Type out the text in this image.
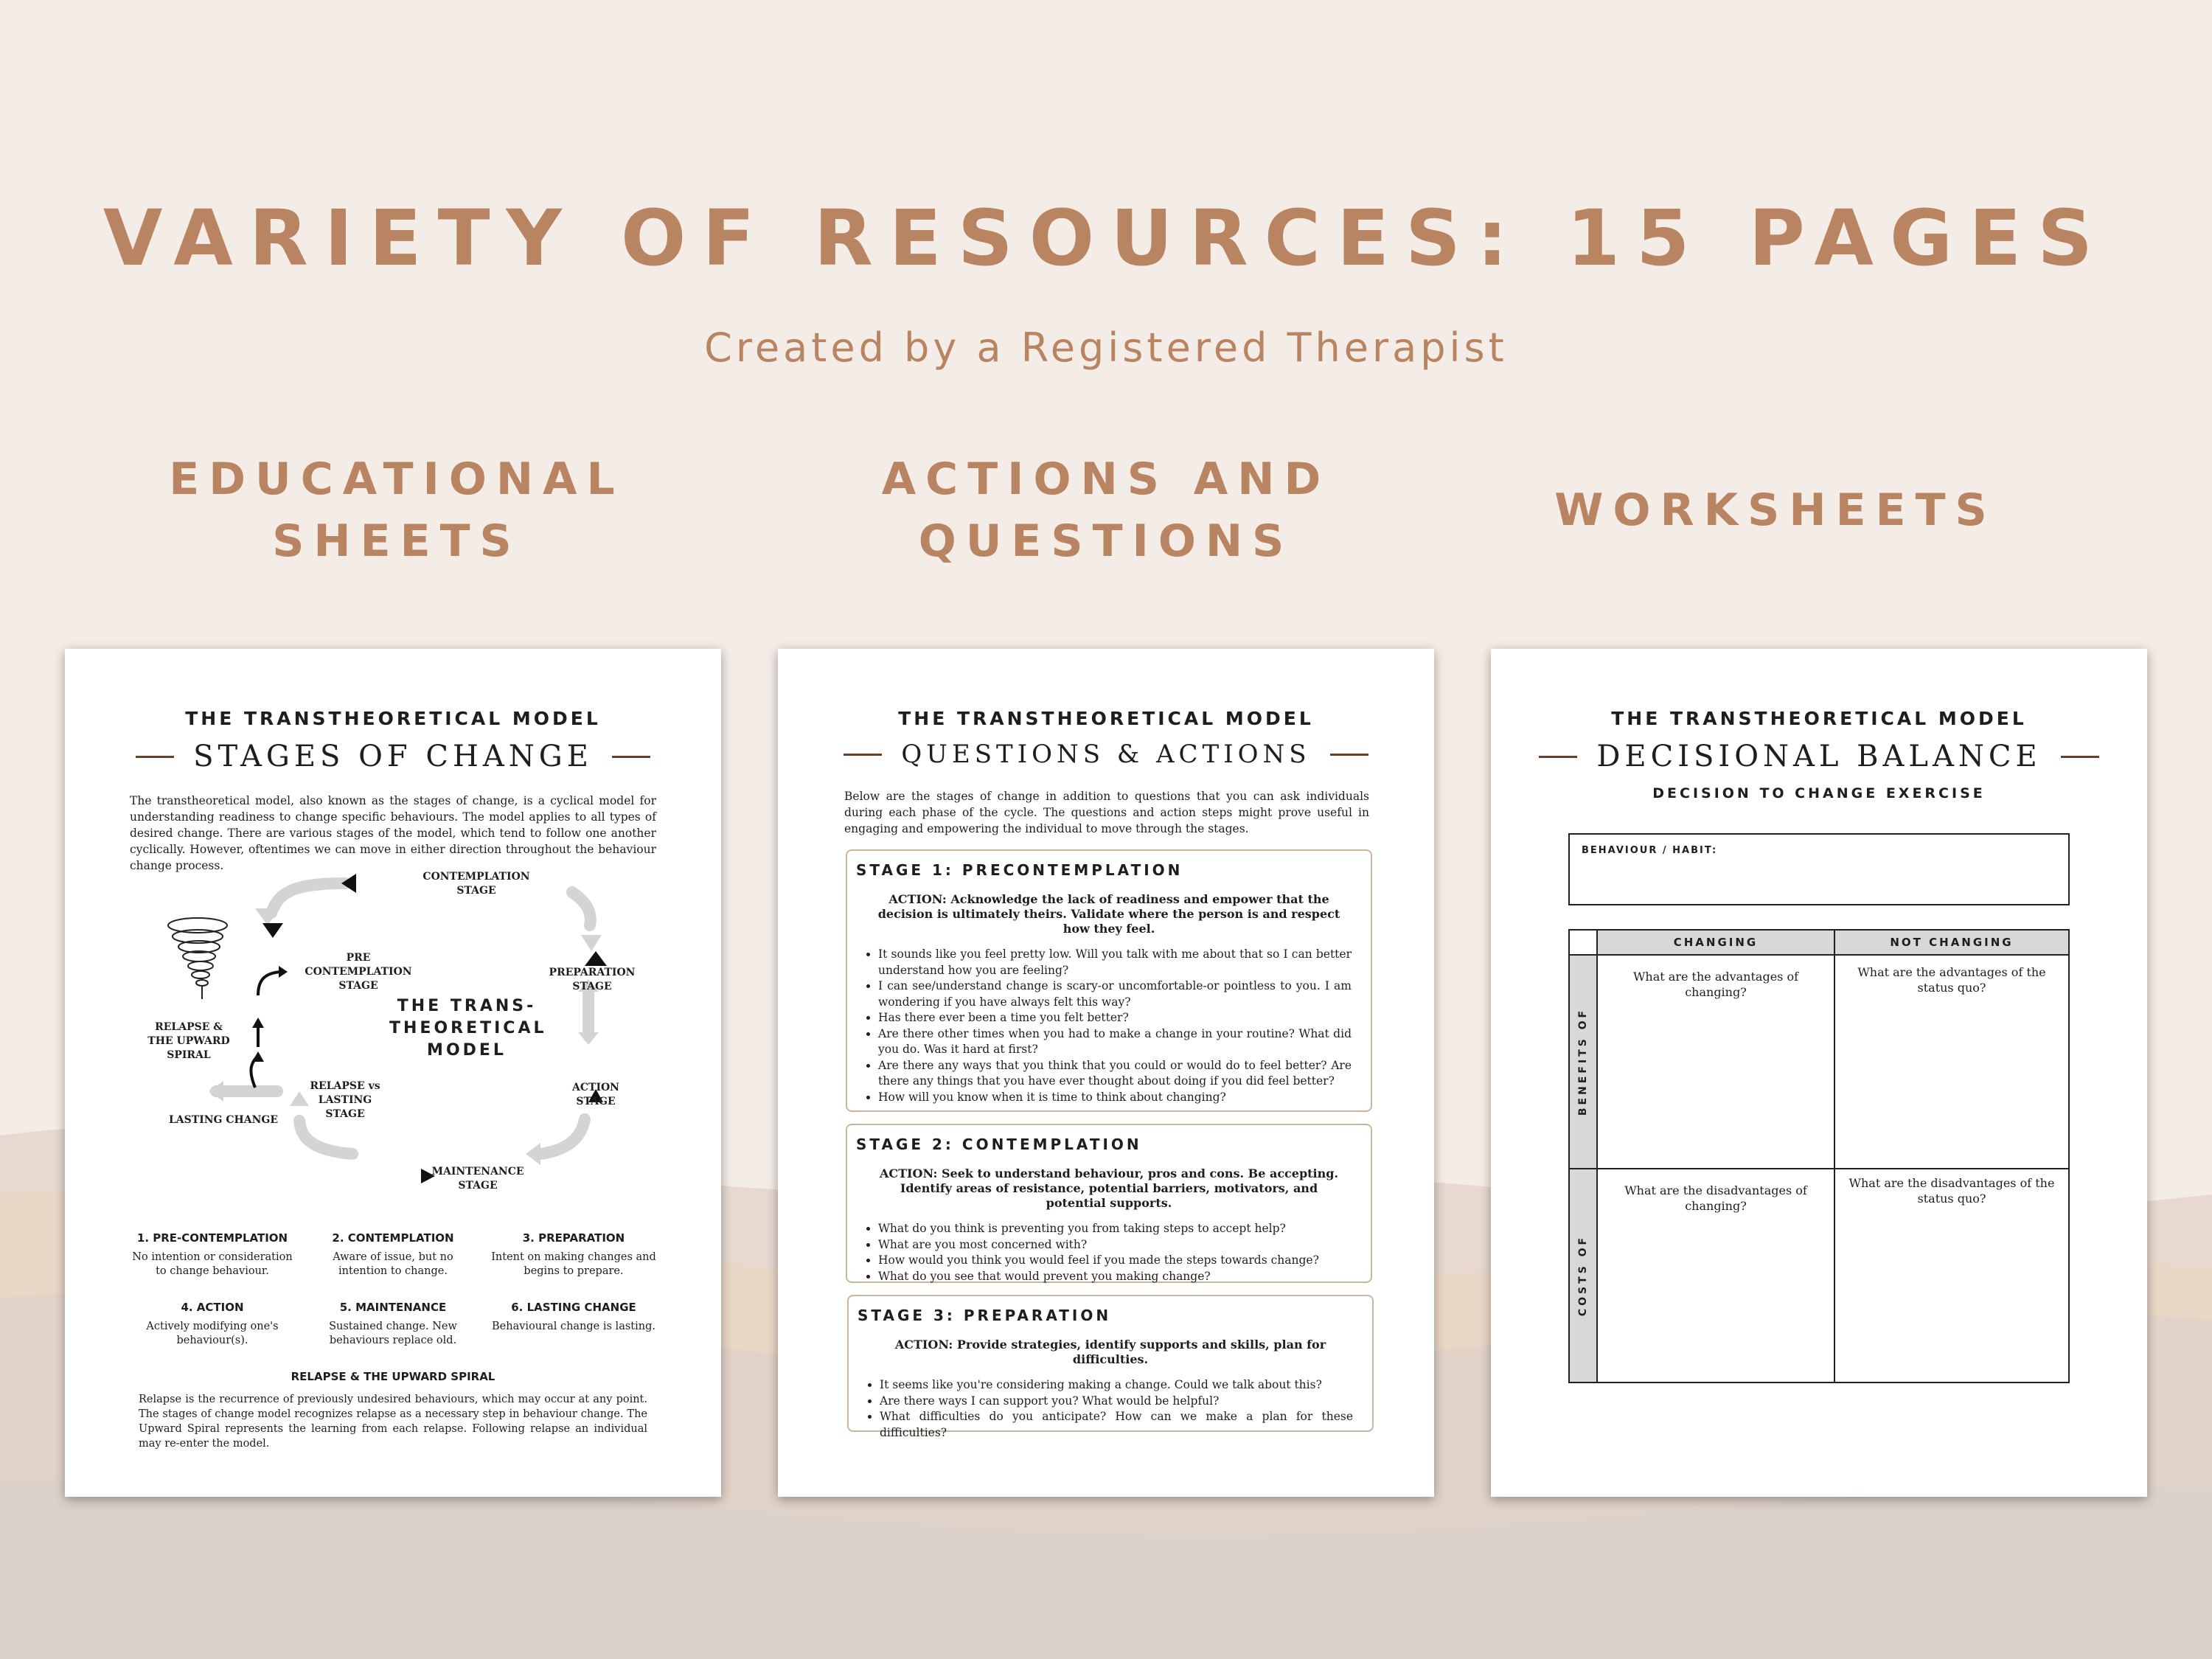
VARIETY OF RESOURCES: 15 PAGES
Created by a Registered Therapist
EDUCATIONAL
SHEETS
ACTIONS AND
QUESTIONS
WORKSHEETS
THE TRANSTHEORETICAL MODEL
STAGES OF CHANGE
The transtheoretical model, also known as the stages of change, is a cyclical model for understanding readiness to change specific behaviours. The model applies to all types of desired change. There are various stages of the model, which tend to follow one another cyclically. However, oftentimes we can move in either direction throughout the behaviour change process.
CONTEMPLATION
STAGE
PRE
CONTEMPLATION
STAGE
PREPARATION
STAGE
THE TRANS-
THEORETICAL
MODEL
RELAPSE &
THE UPWARD
SPIRAL
RELAPSE vs
LASTING STAGE
ACTION
STAGE
LASTING CHANGE
MAINTENANCE
STAGE
1. PRE-CONTEMPLATION
No intention or consideration
to change behaviour.
2. CONTEMPLATION
Aware of issue, but no
intention to change.
3. PREPARATION
Intent on making changes and
begins to prepare.
4. ACTION
Actively modifying one's
behaviour(s).
5. MAINTENANCE
Sustained change. New
behaviours replace old.
6. LASTING CHANGE
Behavioural change is lasting.
RELAPSE & THE UPWARD SPIRAL
Relapse is the recurrence of previously undesired behaviours, which may occur at any point. The stages of change model recognizes relapse as a necessary step in behaviour change. The Upward Spiral represents the learning from each relapse. Following relapse an individual may re-enter the model.
THE TRANSTHEORETICAL MODEL
QUESTIONS & ACTIONS
Below are the stages of change in addition to questions that you can ask individuals during each phase of the cycle. The questions and action steps might prove useful in engaging and empowering the individual to move through the stages.
STAGE 1: PRECONTEMPLATION
ACTION: Acknowledge the lack of readiness and empower that the decision is ultimately theirs. Validate where the person is and respect how they feel.
• It sounds like you feel pretty low. Will you talk with me about that so I can better understand how you are feeling?
• I can see/understand change is scary-or uncomfortable-or pointless to you. I am wondering if you have always felt this way?
• Has there ever been a time you felt better?
• Are there other times when you had to make a change in your routine? What did you do. Was it hard at first?
• Are there any ways that you think that you could or would do to feel better? Are there any things that you have ever thought about doing if you did feel better?
• How will you know when it is time to think about changing?
STAGE 2: CONTEMPLATION
ACTION: Seek to understand behaviour, pros and cons. Be accepting. Identify areas of resistance, potential barriers, motivators, and potential supports.
• What do you think is preventing you from taking steps to accept help?
• What are you most concerned with?
• How would you think you would feel if you made the steps towards change?
• What do you see that would prevent you making change?
STAGE 3: PREPARATION
ACTION: Provide strategies, identify supports and skills, plan for difficulties.
• It seems like you're considering making a change. Could we talk about this?
• Are there ways I can support you? What would be helpful?
• What difficulties do you anticipate? How can we make a plan for these difficulties?
THE TRANSTHEORETICAL MODEL
DECISIONAL BALANCE
DECISION TO CHANGE EXERCISE
BEHAVIOUR / HABIT:
CHANGING	NOT CHANGING
BENEFITS OF
What are the advantages of changing?
What are the advantages of the status quo?
COSTS OF
What are the disadvantages of changing?
What are the disadvantages of the status quo?
